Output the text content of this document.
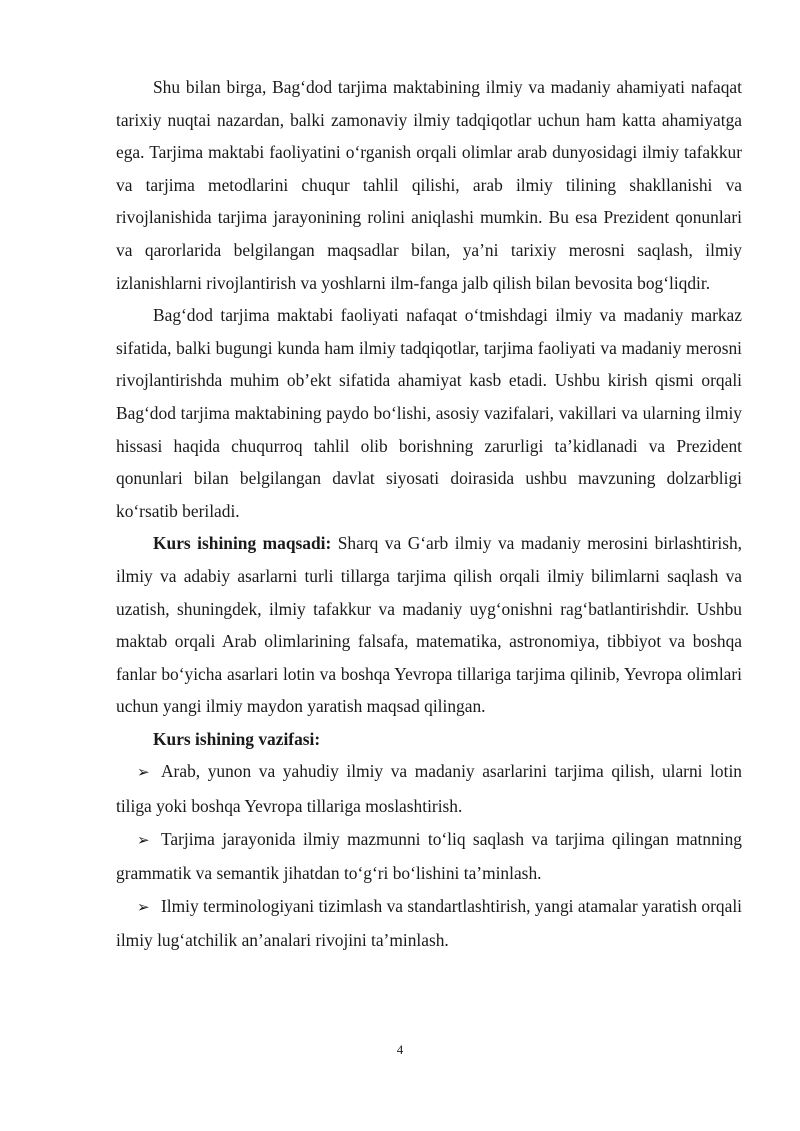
Shu bilan birga, Bag‘dod tarjima maktabining ilmiy va madaniy ahamiyati nafaqat tarixiy nuqtai nazardan, balki zamonaviy ilmiy tadqiqotlar uchun ham katta ahamiyatga ega. Tarjima maktabi faoliyatini o‘rganish orqali olimlar arab dunyosidagi ilmiy tafakkur va tarjima metodlarini chuqur tahlil qilishi, arab ilmiy tilining shakllanishi va rivojlanishida tarjima jarayonining rolini aniqlashi mumkin. Bu esa Prezident qonunlari va qarorlarida belgilangan maqsadlar bilan, ya’ni tarixiy merosni saqlash, ilmiy izlanishlarni rivojlantirish va yoshlarni ilm-fanga jalb qilish bilan bevosita bog‘liqdir.

Bag‘dod tarjima maktabi faoliyati nafaqat o‘tmishdagi ilmiy va madaniy markaz sifatida, balki bugungi kunda ham ilmiy tadqiqotlar, tarjima faoliyati va madaniy merosni rivojlantirishda muhim ob’ekt sifatida ahamiyat kasb etadi. Ushbu kirish qismi orqali Bag‘dod tarjima maktabining paydo bo‘lishi, asosiy vazifalari, vakillari va ularning ilmiy hissasi haqida chuqurroq tahlil olib borishning zarurligi ta’kidlanadi va Prezident qonunlari bilan belgilangan davlat siyosati doirasida ushbu mavzuning dolzarbligi ko‘rsatib beriladi.

Kurs ishining maqsadi: Sharq va G‘arb ilmiy va madaniy merosini birlashtirish, ilmiy va adabiy asarlarni turli tillarga tarjima qilish orqali ilmiy bilimlarni saqlash va uzatish, shuningdek, ilmiy tafakkur va madaniy uyg‘onishni rag‘batlantirishdir. Ushbu maktab orqali Arab olimlarining falsafa, matematika, astronomiya, tibbiyot va boshqa fanlar bo‘yicha asarlari lotin va boshqa Yevropa tillariga tarjima qilinib, Yevropa olimlari uchun yangi ilmiy maydon yaratish maqsad qilingan.

Kurs ishining vazifasi:

➢ Arab, yunon va yahudiy ilmiy va madaniy asarlarini tarjima qilish, ularni lotin tiliga yoki boshqa Yevropa tillariga moslashtirish.

➢ Tarjima jarayonida ilmiy mazmunni to‘liq saqlash va tarjima qilingan matnning grammatik va semantik jihatdan to‘g‘ri bo‘lishini ta’minlash.

➢ Ilmiy terminologiyani tizimlash va standartlashtirish, yangi atamalar yaratish orqali ilmiy lug‘atchilik an’analari rivojini ta’minlash.

4
